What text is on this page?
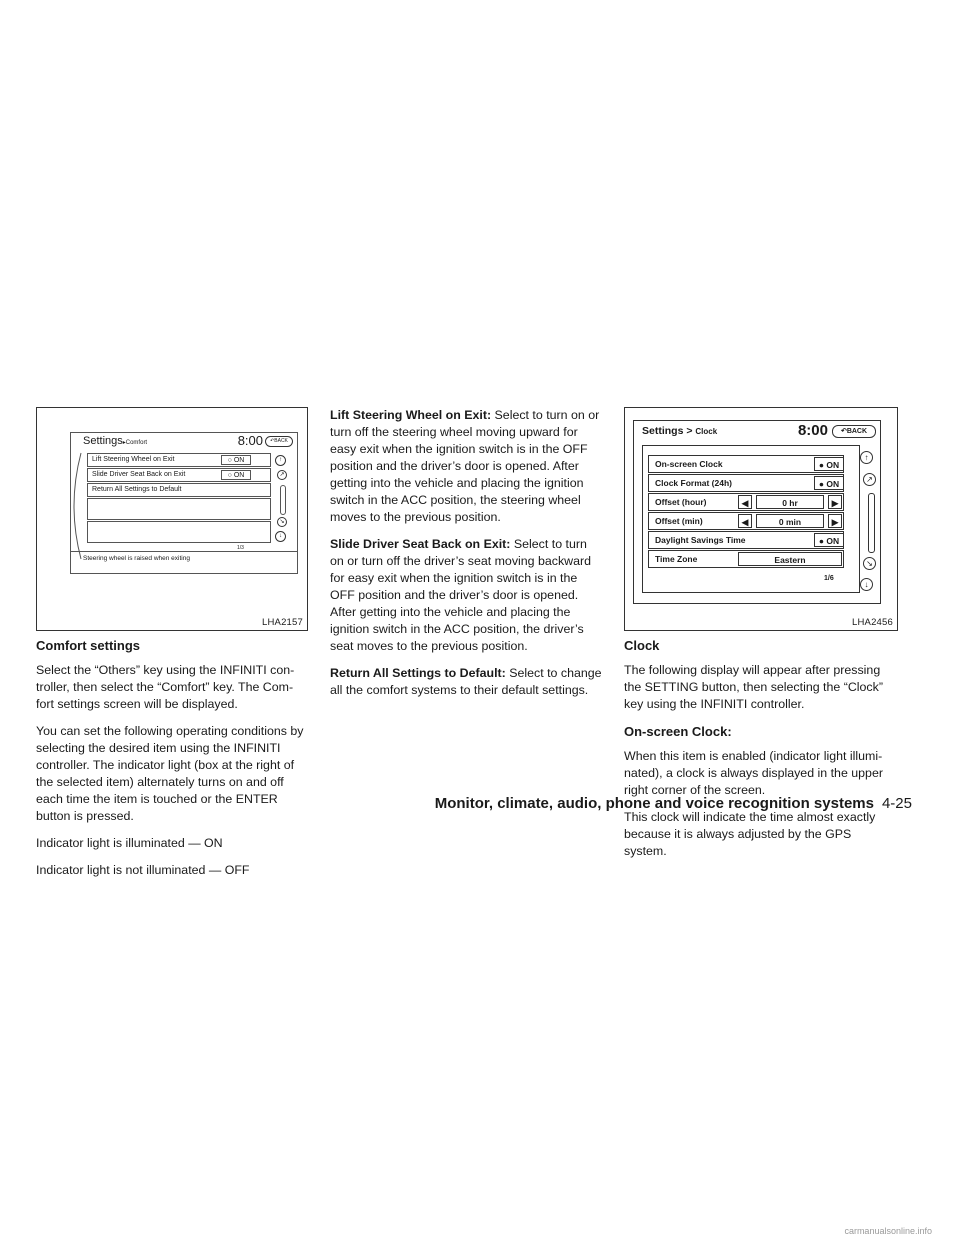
Settings▸Comfort	8:00	↶BACK
Lift Steering Wheel on Exit	○ ON
Slide Driver Seat Back on Exit	○ ON
Return All Settings to Default
1/3
Steering wheel is raised when exiting
↑
↗
↘
↓
LHA2157
Comfort settings

Select the “Others” key using the INFINITI con-troller, then select the “Comfort” key. The Com-fort settings screen will be displayed.

You can set the following operating conditions by selecting the desired item using the INFINITI controller. The indicator light (box at the right of the selected item) alternately turns on and off each time the item is touched or the ENTER button is pressed.

Indicator light is illuminated — ON

Indicator light is not illuminated — OFF

Lift Steering Wheel on Exit: Select to turn on or turn off the steering wheel moving upward for easy exit when the ignition switch is in the OFF position and the driver’s door is opened. After getting into the vehicle and placing the ignition switch in the ACC position, the steering wheel moves to the previous position.

Slide Driver Seat Back on Exit: Select to turn on or turn off the driver’s seat moving backward for easy exit when the ignition switch is in the OFF position and the driver’s door is opened. After getting into the vehicle and placing the ignition switch in the ACC position, the driver’s seat moves to the previous position.

Return All Settings to Default: Select to change all the comfort systems to their default settings.

Settings > Clock	8:00	↶BACK
On-screen Clock	● ON
Clock Format (24h)	● ON
Offset (hour)	◀	0 hr	▶
Offset (min)	◀	0 min	▶
Daylight Savings Time	● ON
Time Zone	Eastern
1/6
↑
↗
↘
↓
LHA2456
Clock

The following display will appear after pressing the SETTING button, then selecting the “Clock” key using the INFINITI controller.

On-screen Clock:

When this item is enabled (indicator light illumi-nated), a clock is always displayed in the upper right corner of the screen.

This clock will indicate the time almost exactly because it is always adjusted by the GPS system.

Monitor, climate, audio, phone and voice recognition systems 4-25
carmanualsonline.info
